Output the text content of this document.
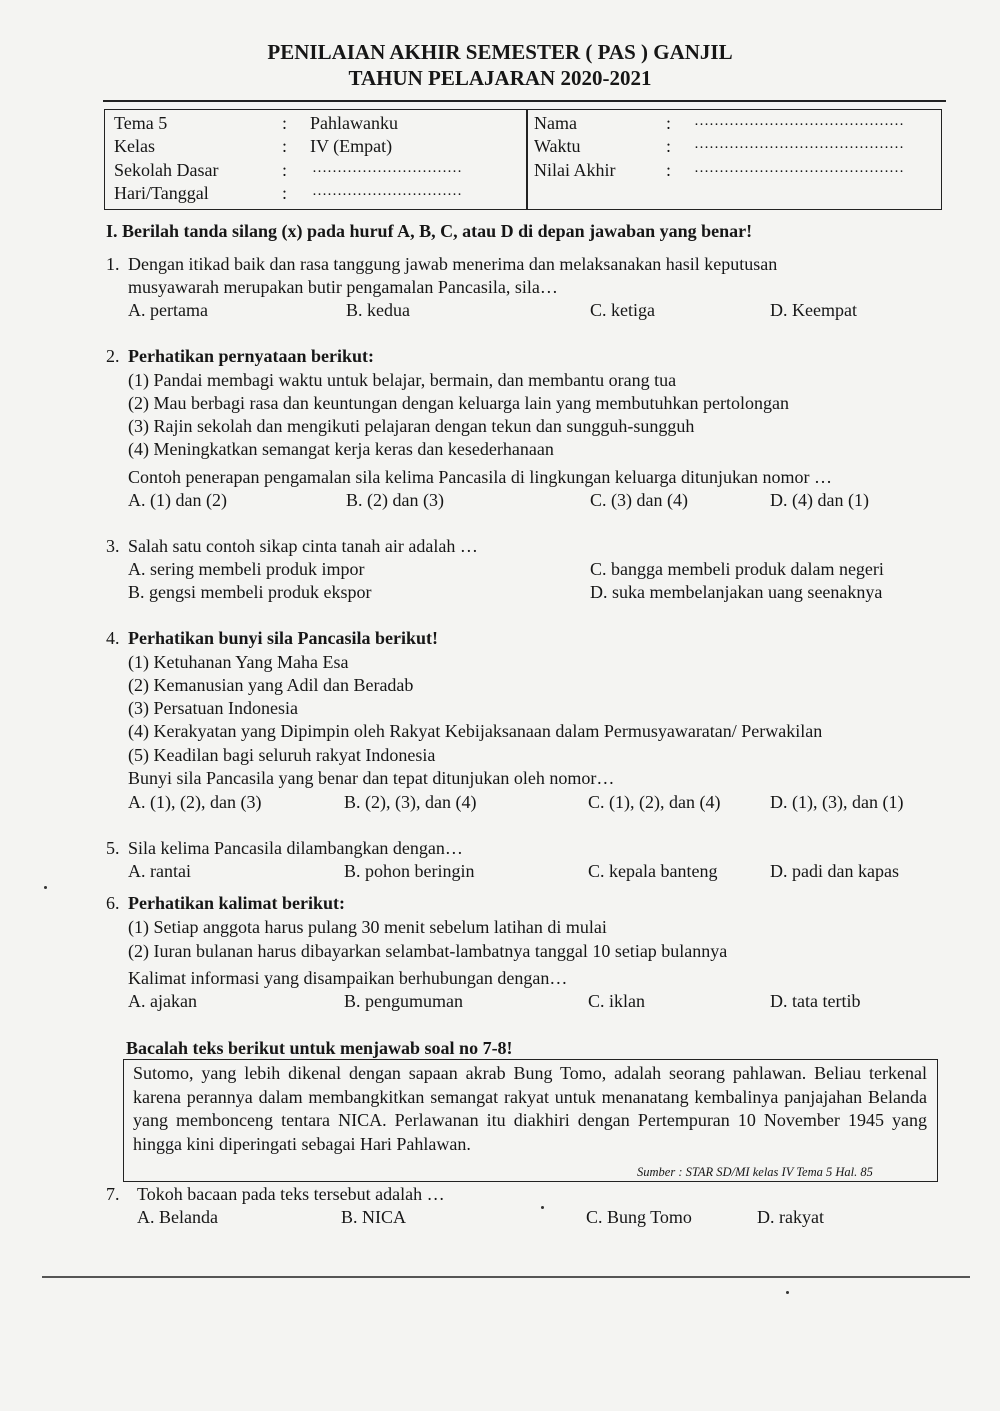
PENILAIAN AKHIR SEMESTER ( PAS ) GANJIL
TAHUN PELAJARAN 2020-2021
Tema 5	: Pahlawanku
Kelas	: IV (Empat)
Sekolah Dasar	: …………………………
Hari/Tanggal	: …………………………
Nama	: ……………………………………
Waktu	: ……………………………………
Nilai Akhir	: ……………………………………
I. Berilah tanda silang (x) pada huruf A, B, C, atau D di depan jawaban yang benar!
1. Dengan itikad baik dan rasa tanggung jawab menerima dan melaksanakan hasil keputusan
musyawarah merupakan butir pengamalan Pancasila, sila…
A. pertama	B. kedua	C. ketiga	D. Keempat
2. Perhatikan pernyataan berikut:
(1) Pandai membagi waktu untuk belajar, bermain, dan membantu orang tua
(2) Mau berbagi rasa dan keuntungan dengan keluarga lain yang membutuhkan pertolongan
(3) Rajin sekolah dan mengikuti pelajaran dengan tekun dan sungguh-sungguh
(4) Meningkatkan semangat kerja keras dan kesederhanaan
Contoh penerapan pengamalan sila kelima Pancasila di lingkungan keluarga ditunjukan nomor …
A. (1) dan (2)	B. (2) dan (3)	C. (3) dan (4)	D. (4) dan (1)
3. Salah satu contoh sikap cinta tanah air adalah …
A. sering membeli produk impor
B. gengsi membeli produk ekspor
C. bangga membeli produk dalam negeri
D. suka membelanjakan uang seenaknya
4. Perhatikan bunyi sila Pancasila berikut!
(1) Ketuhanan Yang Maha Esa
(2) Kemanusian yang Adil dan Beradab
(3) Persatuan Indonesia
(4) Kerakyatan yang Dipimpin oleh Rakyat Kebijaksanaan dalam Permusyawaratan/ Perwakilan
(5) Keadilan bagi seluruh rakyat Indonesia
Bunyi sila Pancasila yang benar dan tepat ditunjukan oleh nomor…
A. (1), (2), dan (3)	B. (2), (3), dan (4)	C. (1), (2), dan (4)	D. (1), (3), dan (1)
5. Sila kelima Pancasila dilambangkan dengan…
A. rantai	B. pohon beringin	C. kepala banteng	D. padi dan kapas
6. Perhatikan kalimat berikut:
(1) Setiap anggota harus pulang 30 menit sebelum latihan di mulai
(2) Iuran bulanan harus dibayarkan selambat-lambatnya tanggal 10 setiap bulannya
Kalimat informasi yang disampaikan berhubungan dengan…
A. ajakan	B. pengumuman	C. iklan	D. tata tertib
Bacalah teks berikut untuk menjawab soal no 7-8!
Sutomo, yang lebih dikenal dengan sapaan akrab Bung Tomo, adalah seorang pahlawan. Beliau terkenal karena perannya dalam membangkitkan semangat rakyat untuk menanatang kembalinya panjajahan Belanda yang membonceng tentara NICA. Perlawanan itu diakhiri dengan Pertempuran 10 November 1945 yang hingga kini diperingati sebagai Hari Pahlawan.
Sumber : STAR SD/MI kelas IV Tema 5 Hal. 85
7. Tokoh bacaan pada teks tersebut adalah …
A. Belanda	B. NICA	C. Bung Tomo	D. rakyat
